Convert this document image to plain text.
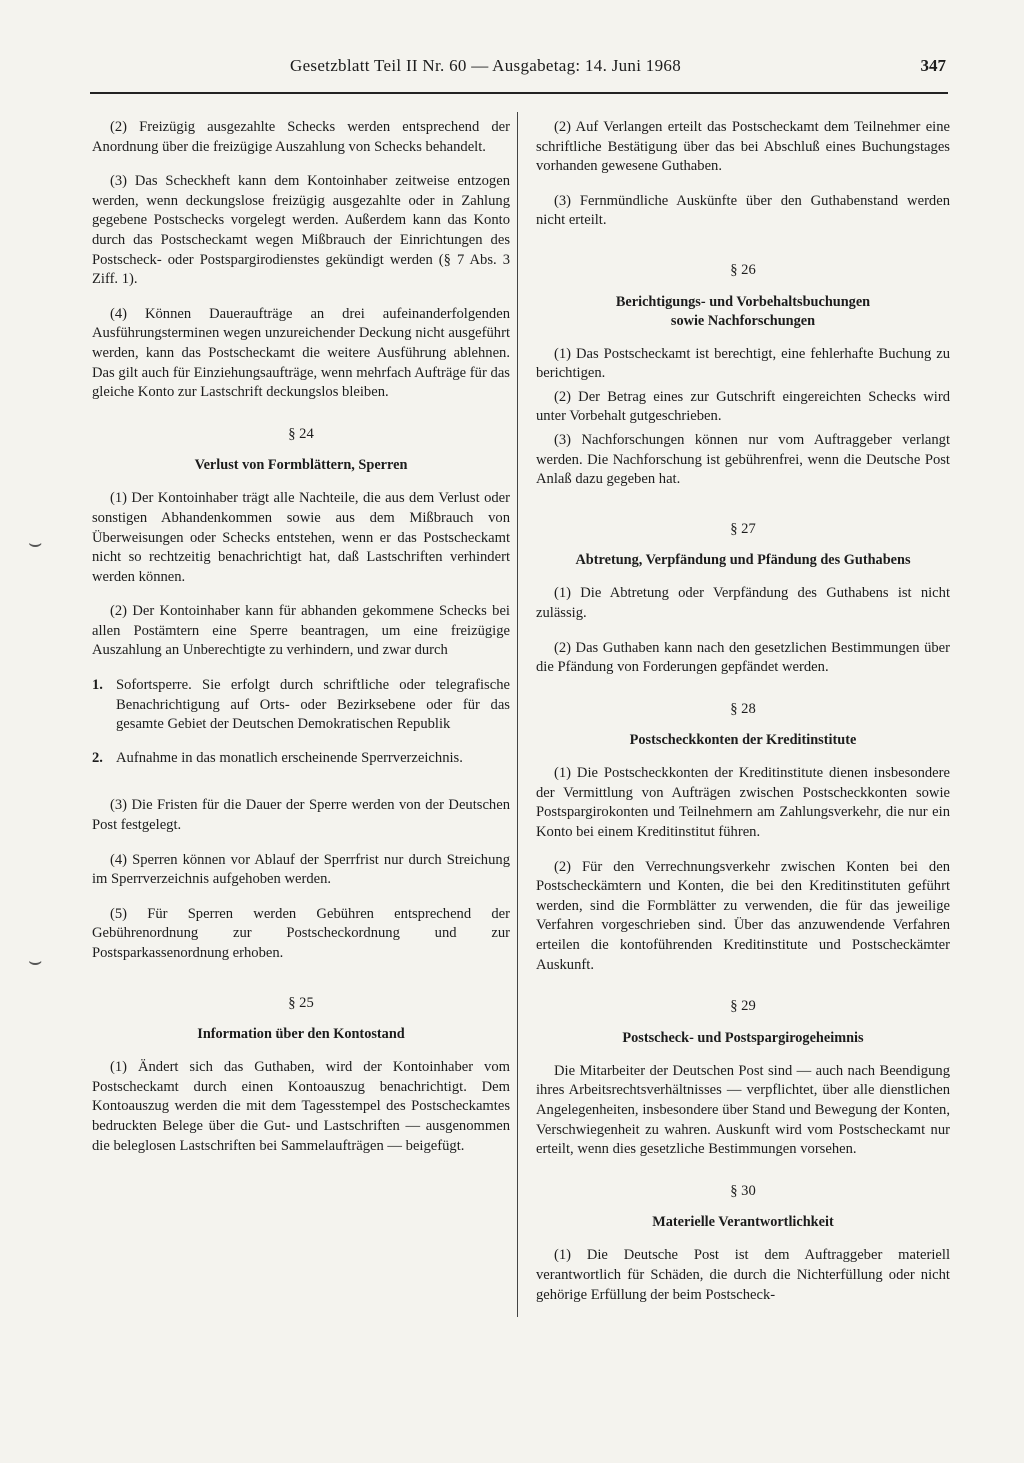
Gesetzblatt Teil II Nr. 60 — Ausgabetag: 14. Juni 1968	347
⌣
⌣

(2) Freizügig ausgezahlte Schecks werden entsprechend der Anordnung über die freizügige Auszahlung von Schecks behandelt.

(3) Das Scheckheft kann dem Kontoinhaber zeitweise entzogen werden, wenn deckungslose freizügig ausgezahlte oder in Zahlung gegebene Postschecks vorgelegt werden. Außerdem kann das Konto durch das Postscheckamt wegen Mißbrauch der Einrichtungen des Postscheck- oder Postspargirodienstes gekündigt werden (§ 7 Abs. 3 Ziff. 1).

(4) Können Daueraufträge an drei aufeinanderfolgenden Ausführungsterminen wegen unzureichender Deckung nicht ausgeführt werden, kann das Postscheckamt die weitere Ausführung ablehnen. Das gilt auch für Einziehungsaufträge, wenn mehrfach Aufträge für das gleiche Konto zur Lastschrift deckungslos bleiben.

§ 24
Verlust von Formblättern, Sperren

(1) Der Kontoinhaber trägt alle Nachteile, die aus dem Verlust oder sonstigen Abhandenkommen sowie aus dem Mißbrauch von Überweisungen oder Schecks entstehen, wenn er das Postscheckamt nicht so rechtzeitig benachrichtigt hat, daß Lastschriften verhindert werden können.

(2) Der Kontoinhaber kann für abhanden gekommene Schecks bei allen Postämtern eine Sperre beantragen, um eine freizügige Auszahlung an Unberechtigte zu verhindern, und zwar durch

1. Sofortsperre. Sie erfolgt durch schriftliche oder telegrafische Benachrichtigung auf Orts- oder Bezirksebene oder für das gesamte Gebiet der Deutschen Demokratischen Republik
2. Aufnahme in das monatlich erscheinende Sperrverzeichnis.

(3) Die Fristen für die Dauer der Sperre werden von der Deutschen Post festgelegt.

(4) Sperren können vor Ablauf der Sperrfrist nur durch Streichung im Sperrverzeichnis aufgehoben werden.

(5) Für Sperren werden Gebühren entsprechend der Gebührenordnung zur Postscheckordnung und zur Postsparkassenordnung erhoben.

§ 25
Information über den Kontostand

(1) Ändert sich das Guthaben, wird der Kontoinhaber vom Postscheckamt durch einen Kontoauszug benachrichtigt. Dem Kontoauszug werden die mit dem Tagesstempel des Postscheckamtes bedruckten Belege über die Gut- und Lastschriften — ausgenommen die beleglosen Lastschriften bei Sammelaufträgen — beigefügt.

(2) Auf Verlangen erteilt das Postscheckamt dem Teilnehmer eine schriftliche Bestätigung über das bei Abschluß eines Buchungstages vorhanden gewesene Guthaben.

(3) Fernmündliche Auskünfte über den Guthabenstand werden nicht erteilt.

§ 26
Berichtigungs- und Vorbehaltsbuchungen
sowie Nachforschungen

(1) Das Postscheckamt ist berechtigt, eine fehlerhafte Buchung zu berichtigen.

(2) Der Betrag eines zur Gutschrift eingereichten Schecks wird unter Vorbehalt gutgeschrieben.

(3) Nachforschungen können nur vom Auftraggeber verlangt werden. Die Nachforschung ist gebührenfrei, wenn die Deutsche Post Anlaß dazu gegeben hat.

§ 27
Abtretung, Verpfändung und Pfändung des Guthabens

(1) Die Abtretung oder Verpfändung des Guthabens ist nicht zulässig.

(2) Das Guthaben kann nach den gesetzlichen Bestimmungen über die Pfändung von Forderungen gepfändet werden.

§ 28
Postscheckkonten der Kreditinstitute

(1) Die Postscheckkonten der Kreditinstitute dienen insbesondere der Vermittlung von Aufträgen zwischen Postscheckkonten sowie Postspargirokonten und Teilnehmern am Zahlungsverkehr, die nur ein Konto bei einem Kreditinstitut führen.

(2) Für den Verrechnungsverkehr zwischen Konten bei den Postscheckämtern und Konten, die bei den Kreditinstituten geführt werden, sind die Formblätter zu verwenden, die für das jeweilige Verfahren vorgeschrieben sind. Über das anzuwendende Verfahren erteilen die kontoführenden Kreditinstitute und Postscheckämter Auskunft.

§ 29
Postscheck- und Postspargirogeheimnis

Die Mitarbeiter der Deutschen Post sind — auch nach Beendigung ihres Arbeitsrechtsverhältnisses — verpflichtet, über alle dienstlichen Angelegenheiten, insbesondere über Stand und Bewegung der Konten, Verschwiegenheit zu wahren. Auskunft wird vom Postscheckamt nur erteilt, wenn dies gesetzliche Bestimmungen vorsehen.

§ 30
Materielle Verantwortlichkeit

(1) Die Deutsche Post ist dem Auftraggeber materiell verantwortlich für Schäden, die durch die Nichterfüllung oder nicht gehörige Erfüllung der beim Postscheck-
